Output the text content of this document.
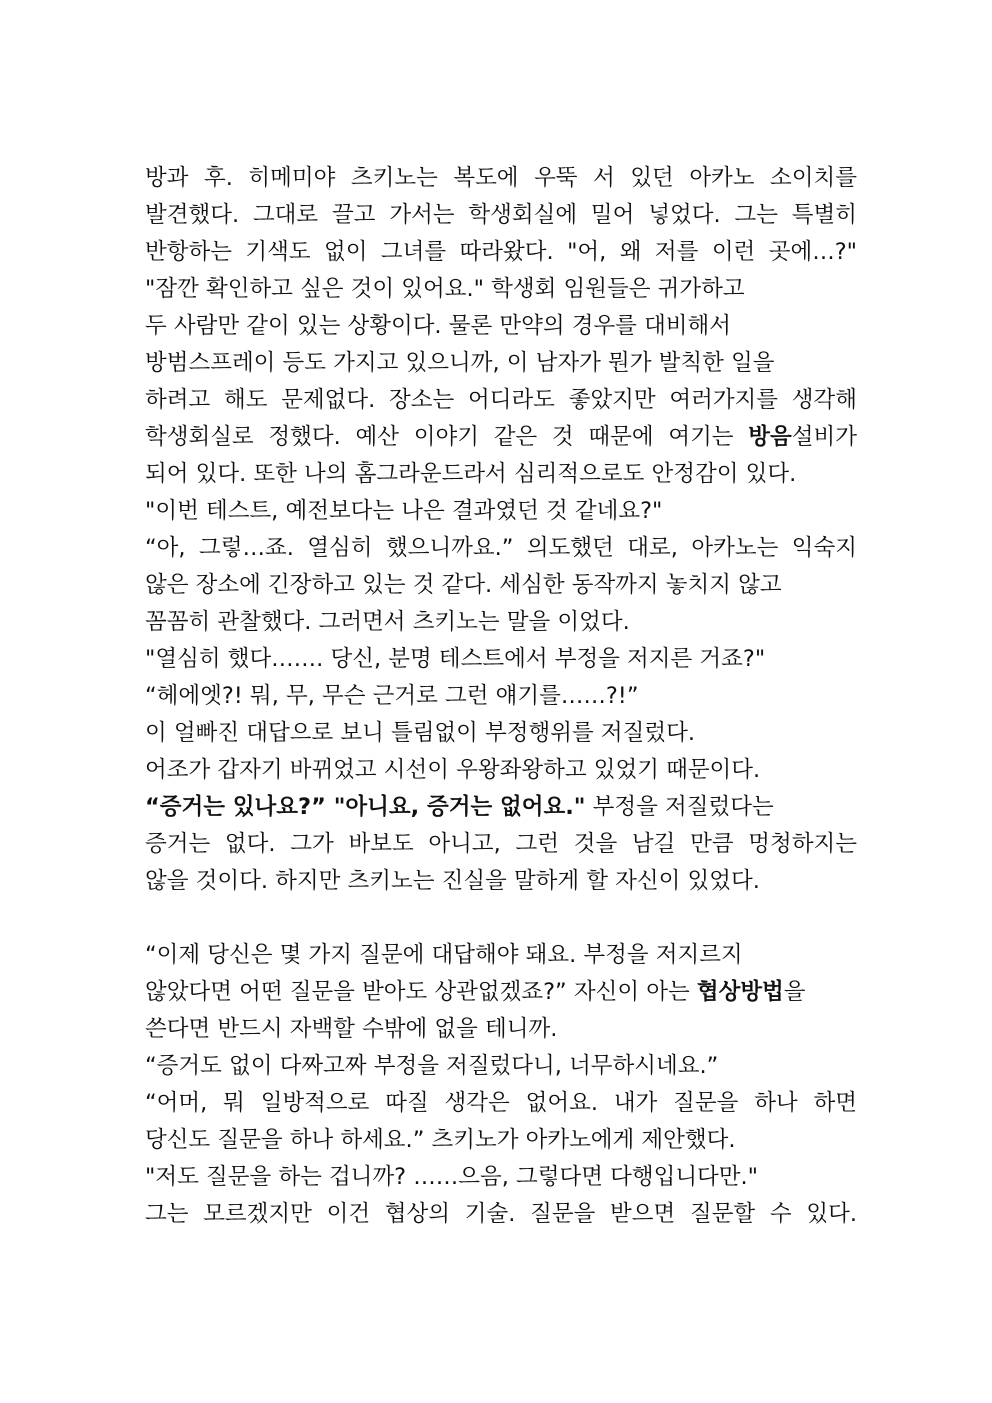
방과 후. 히메미야 츠키노는 복도에 우뚝 서 있던 아카노 소이치를
발견했다. 그대로 끌고 가서는 학생회실에 밀어 넣었다. 그는 특별히
반항하는 기색도 없이 그녀를 따라왔다. "어, 왜 저를 이런 곳에…?"
"잠깐 확인하고 싶은 것이 있어요." 학생회 임원들은 귀가하고
두 사람만 같이 있는 상황이다. 물론 만약의 경우를 대비해서
방범스프레이 등도 가지고 있으니까, 이 남자가 뭔가 발칙한 일을
하려고 해도 문제없다. 장소는 어디라도 좋았지만 여러가지를 생각해
학생회실로 정했다. 예산 이야기 같은 것 때문에 여기는 방음설비가
되어 있다. 또한 나의 홈그라운드라서 심리적으로도 안정감이 있다.
"이번 테스트, 예전보다는 나은 결과였던 것 같네요?"
“아, 그렇…죠. 열심히 했으니까요.” 의도했던 대로, 아카노는 익숙지
않은 장소에 긴장하고 있는 것 같다. 세심한 동작까지 놓치지 않고
꼼꼼히 관찰했다. 그러면서 츠키노는 말을 이었다.
"열심히 했다……. 당신, 분명 테스트에서 부정을 저지른 거죠?"
“헤에엣?! 뭐, 무, 무슨 근거로 그런 얘기를……?!”
이 얼빠진 대답으로 보니 틀림없이 부정행위를 저질렀다.
어조가 갑자기 바뀌었고 시선이 우왕좌왕하고 있었기 때문이다.
“증거는 있나요?” "아니요, 증거는 없어요." 부정을 저질렀다는
증거는 없다. 그가 바보도 아니고, 그런 것을 남길 만큼 멍청하지는
않을 것이다. 하지만 츠키노는 진실을 말하게 할 자신이 있었다.
“이제 당신은 몇 가지 질문에 대답해야 돼요. 부정을 저지르지
않았다면 어떤 질문을 받아도 상관없겠죠?” 자신이 아는 협상방법을
쓴다면 반드시 자백할 수밖에 없을 테니까.
“증거도 없이 다짜고짜 부정을 저질렀다니, 너무하시네요.”
“어머, 뭐 일방적으로 따질 생각은 없어요. 내가 질문을 하나 하면
당신도 질문을 하나 하세요.” 츠키노가 아카노에게 제안했다.
"저도 질문을 하는 겁니까? ……으음, 그렇다면 다행입니다만."
그는 모르겠지만 이건 협상의 기술. 질문을 받으면 질문할 수 있다.
